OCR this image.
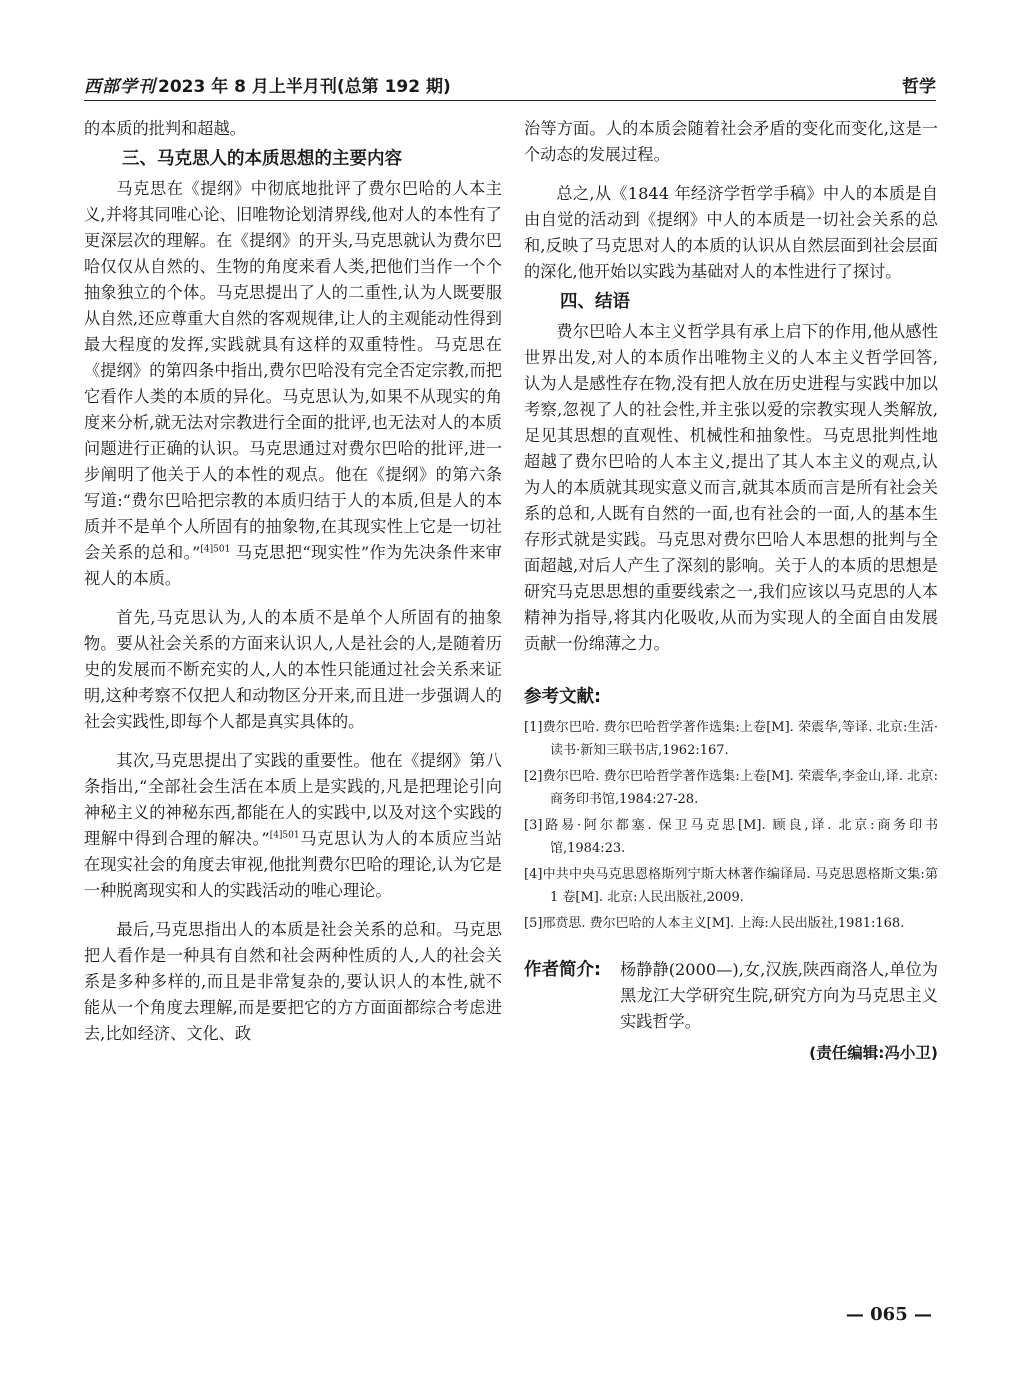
西部学刊 2023 年 8 月上半月刊(总第 192 期)	哲学

的本质的批判和超越。

三、马克思人的本质思想的主要内容

马克思在《提纲》中彻底地批评了费尔巴哈的人本主义,并将其同唯心论、旧唯物论划清界线,他对人的本性有了更深层次的理解。在《提纲》的开头,马克思就认为费尔巴哈仅仅从自然的、生物的角度来看人类,把他们当作一个个抽象独立的个体。马克思提出了人的二重性,认为人既要服从自然,还应尊重大自然的客观规律,让人的主观能动性得到最大程度的发挥,实践就具有这样的双重特性。马克思在《提纲》的第四条中指出,费尔巴哈没有完全否定宗教,而把它看作人类的本质的异化。马克思认为,如果不从现实的角度来分析,就无法对宗教进行全面的批评,也无法对人的本质问题进行正确的认识。马克思通过对费尔巴哈的批评,进一步阐明了他关于人的本性的观点。他在《提纲》的第六条写道:“费尔巴哈把宗教的本质归结于人的本质,但是人的本质并不是单个人所固有的抽象物,在其现实性上它是一切社会关系的总和。”$^{[4]501}$ 马克思把“现实性”作为先决条件来审视人的本质。

首先,马克思认为,人的本质不是单个人所固有的抽象物。要从社会关系的方面来认识人,人是社会的人,是随着历史的发展而不断充实的人,人的本性只能通过社会关系来证明,这种考察不仅把人和动物区分开来,而且进一步强调人的社会实践性,即每个人都是真实具体的。

其次,马克思提出了实践的重要性。他在《提纲》第八条指出,“全部社会生活在本质上是实践的,凡是把理论引向神秘主义的神秘东西,都能在人的实践中,以及对这个实践的理解中得到合理的解决。”$^{[4]501}$马克思认为人的本质应当站在现实社会的角度去审视,他批判费尔巴哈的理论,认为它是一种脱离现实和人的实践活动的唯心理论。

最后,马克思指出人的本质是社会关系的总和。马克思把人看作是一种具有自然和社会两种性质的人,人的社会关系是多种多样的,而且是非常复杂的,要认识人的本性,就不能从一个角度去理解,而是要把它的方方面面都综合考虑进去,比如经济、文化、政

治等方面。人的本质会随着社会矛盾的变化而变化,这是一个动态的发展过程。

总之,从《1844 年经济学哲学手稿》中人的本质是自由自觉的活动到《提纲》中人的本质是一切社会关系的总和,反映了马克思对人的本质的认识从自然层面到社会层面的深化,他开始以实践为基础对人的本性进行了探讨。

四、结语

费尔巴哈人本主义哲学具有承上启下的作用,他从感性世界出发,对人的本质作出唯物主义的人本主义哲学回答,认为人是感性存在物,没有把人放在历史进程与实践中加以考察,忽视了人的社会性,并主张以爱的宗教实现人类解放,足见其思想的直观性、机械性和抽象性。马克思批判性地超越了费尔巴哈的人本主义,提出了其人本主义的观点,认为人的本质就其现实意义而言,就其本质而言是所有社会关系的总和,人既有自然的一面,也有社会的一面,人的基本生存形式就是实践。马克思对费尔巴哈人本思想的批判与全面超越,对后人产生了深刻的影响。关于人的本质的思想是研究马克思思想的重要线索之一,我们应该以马克思的人本精神为指导,将其内化吸收,从而为实现人的全面自由发展贡献一份绵薄之力。

参考文献:
[1]费尔巴哈. 费尔巴哈哲学著作选集:上卷[M]. 荣震华,等译. 北京:生活·读书·新知三联书店,1962:167.
[2]费尔巴哈. 费尔巴哈哲学著作选集:上卷[M]. 荣震华,李金山,译. 北京:商务印书馆,1984:27-28.
[3]路易·阿尔都塞. 保卫马克思[M]. 顾良,译. 北京:商务印书馆,1984:23.
[4]中共中央马克思恩格斯列宁斯大林著作编译局. 马克思恩格斯文集:第 1 卷[M]. 北京:人民出版社,2009.
[5]邢贲思. 费尔巴哈的人本主义[M]. 上海:人民出版社,1981:168.
作者简介: 杨静静(2000—),女,汉族,陕西商洛人,单位为黑龙江大学研究生院,研究方向为马克思主义实践哲学。
(责任编辑:冯小卫)
— 065 —
